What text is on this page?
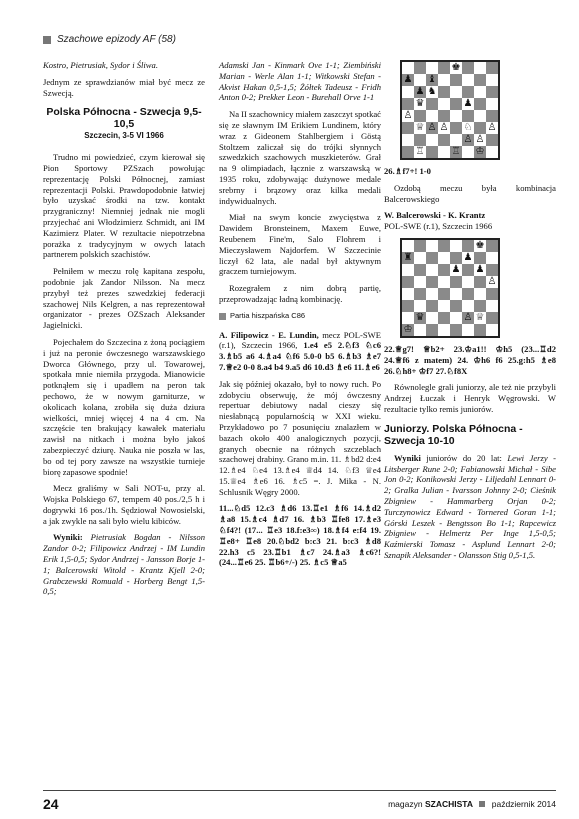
Szachowe epizody AF (58)

Kostro, Pietrusiak, Sydor i Śliwa.

Jednym ze sprawdzianów miał być mecz ze Szwecją.

Polska Północna - Szwecja 9,5-10,5
Szczecin, 3-5 VI 1966

Trudno mi powiedzieć, czym kierował się Pion Sportowy PZSzach powołując reprezentację Polski Północnej, zamiast reprezentacji Polski. Prawdopodobnie łatwiej było uzyskać środki na tzw. kontakt przygraniczny! Niemniej jednak nie mogli przyjechać ani Włodzimierz Schmidt, ani IM Kazimierz Plater. W rezultacie niepotrzebna porażka z tradycyjnym w owych latach partnerem polskich szachistów.

Pełniłem w meczu rolę kapitana zespołu, podobnie jak Zandor Nilsson. Na mecz przybył też prezes szwedzkiej federacji szachowej Nils Kelgren, a nas reprezentował organizator - prezes OZSzach Aleksander Jagielnicki.

Pojechałem do Szczecina z żoną pociągiem i już na peronie ówczesnego warszawskiego Dworca Głównego, przy ul. Towarowej, spotkała mnie niemiła przygoda. Mianowicie potknąłem się i upadłem na peron tak pechowo, że w nowym garniturze, w okolicach kolana, zrobiła się duża dziura wielkości, mniej więcej 4 na 4 cm. Na szczęście ten brakujący kawałek materiału zawisł na nitkach i można było jakoś zabezpieczyć dziurę. Nauka nie poszła w las, bo od tej pory zawsze na wszystkie turnieje biorę zapasowe spodnie!

Mecz graliśmy w Sali NOT-u, przy al. Wojska Polskiego 67, tempem 40 pos./2,5 h i dogrywki 16 pos./1h. Sędziował Nowosielski, a jak zwykle na sali było wielu kibiców.

Wyniki: Pietrusiak Bogdan - Nilsson Zandor 0-2; Filipowicz Andrzej - IM Lundin Erik 1,5-0,5; Sydor Andrzej - Jansson Borje 1-1; Balcerowski Witold - Krantz Kjell 2-0; Grabczewski Romuald - Horberg Bengt 1,5-0,5;

Adamski Jan - Kinmark Ove 1-1; Ziembiński Marian - Werle Alan 1-1; Witkowski Stefan - Akvist Hakan 0,5-1,5; Żółtek Tadeusz - Fridh Anton 0-2; Prekker Leon - Burehall Orve 1-1

Na II szachownicy miałem zaszczyt spotkać się ze sławnym IM Erikiem Lundinem, który wraz z Gideonem Stahlbergiem i Göstą Stoltzem zaliczał się do trójki słynnych szwedzkich szachowych muszkieterów. Grał na 9 olimpiadach, łącznie z warszawską w 1935 roku, zdobywając dużynowe medale srebrny i brązowy oraz kilka medali indywidualnych.

Miał na swym koncie zwycięstwa z Dawidem Bronsteinem, Maxem Euwe, Reubenem Fine'm, Salo Flohrem i Mieczysławem Najdorfem. W Szczecinie liczył 62 lata, ale nadal był aktywnym graczem turniejowym.

Rozegrałem z nim dobrą partię, przeprowadzając ładną kombinację.

Partia hiszpańska C86

A. Filipowicz - E. Lundin, mecz POL-SWE (r.1), Szczecin 1966, 1.e4 e5 2.♘f3 ♘c6 3.♗b5 a6 4.♗a4 ♘f6 5.0-0 b5 6.♗b3 ♗e7 7.♕e2 0-0 8.a4 b4 9.a5 d6 10.d3 ♗e6 11.♗e6

Jak się później okazało, był to nowy ruch. Po zdobyciu obserwuję, że mój ówczesny repertuar debiutowy nadal cieszy się niesłabnącą popularnością w XXI wieku. Przykładowo po 7 posunięciu znalazłem w bazach około 400 analogicznych pozycji, granych obecnie na różnych szczeblach szachowej drabiny. Grano m.in. 11. ♗bd2 d:e4 12.♗e4 ♘e4 13.♗e4 ♕d4 14. ♘f3 ♕e4 15.♕e4 ♗e6 16. ♗c5 =. J. Mika - N. Schlusnik Węgry 2000.

11...♘d5 12.c3 ♗d6 13.♖e1 ♗f6 14.♗d2 ♗a8 15.♗c4 ♗d7 16. ♗b3 ♖fe8 17.♗e3 ♘f4?! (17... ♖e3 18.f:e3∞) 18.♗f4 e:f4 19. ♖e8+ ♖e8 20.♘bd2 b:c3 21. b:c3 ♗d8 22.h3 c5 23.♖b1 ♗c7 24.♗a3 ♗c6?! (24...♖e6 25. ♖b6+/-) 25. ♗c5 ♕a5

♚
♟ ♝
♟ ♞
♛	♟
♙
♕ ♙ ♙ ♘ ♙
♙ ♙
♖	♖ ♔

26.♗f7+! 1-0

Ozdobą meczu była kombinacja Balcerowskiego

W. Balcerowski - K. Krantz

POL-SWE (r.1), Szczecin 1966

♚
♜	♟
♟ ♟
♙
♛	♙ ♕
♔

22.♕g7! ♕b2+ 23.♔a1!! ♔h5 (23...♖d2 24.♕f6 z matem) 24. ♔h6 f6 25.g:h5 ♗e8 26.♘h8+ ♔f7 27.♘f8X

Równolegle grali juniorzy, ale też nie przybyli Andrzej Łuczak i Henryk Węgrowski. W rezultacie tylko remis juniorów.

Juniorzy. Polska Północna - Szwecja 10-10

Wyniki juniorów do 20 lat: Lewi Jerzy - Litsberger Rune 2-0; Fabianowski Michał - Sibe Jon 0-2; Konikowski Jerzy - Liljedahl Lennart 0-2; Gralka Julian - Ivarsson Johnny 2-0; Cieśnik Zbigniew - Hammarberg Orjan 0-2; Turczynowicz Edward - Tornered Goran 1-1; Górski Leszek - Bengtsson Bo 1-1; Rapcewicz Zbigniew - Helmertz Per Inge 1,5-0,5; Kaźmierski Tomasz - Asplund Lennart 2-0; Sznapik Aleksander - Olansson Stig 0,5-1,5.

24	magazyn SZACHISTA październik 2014
